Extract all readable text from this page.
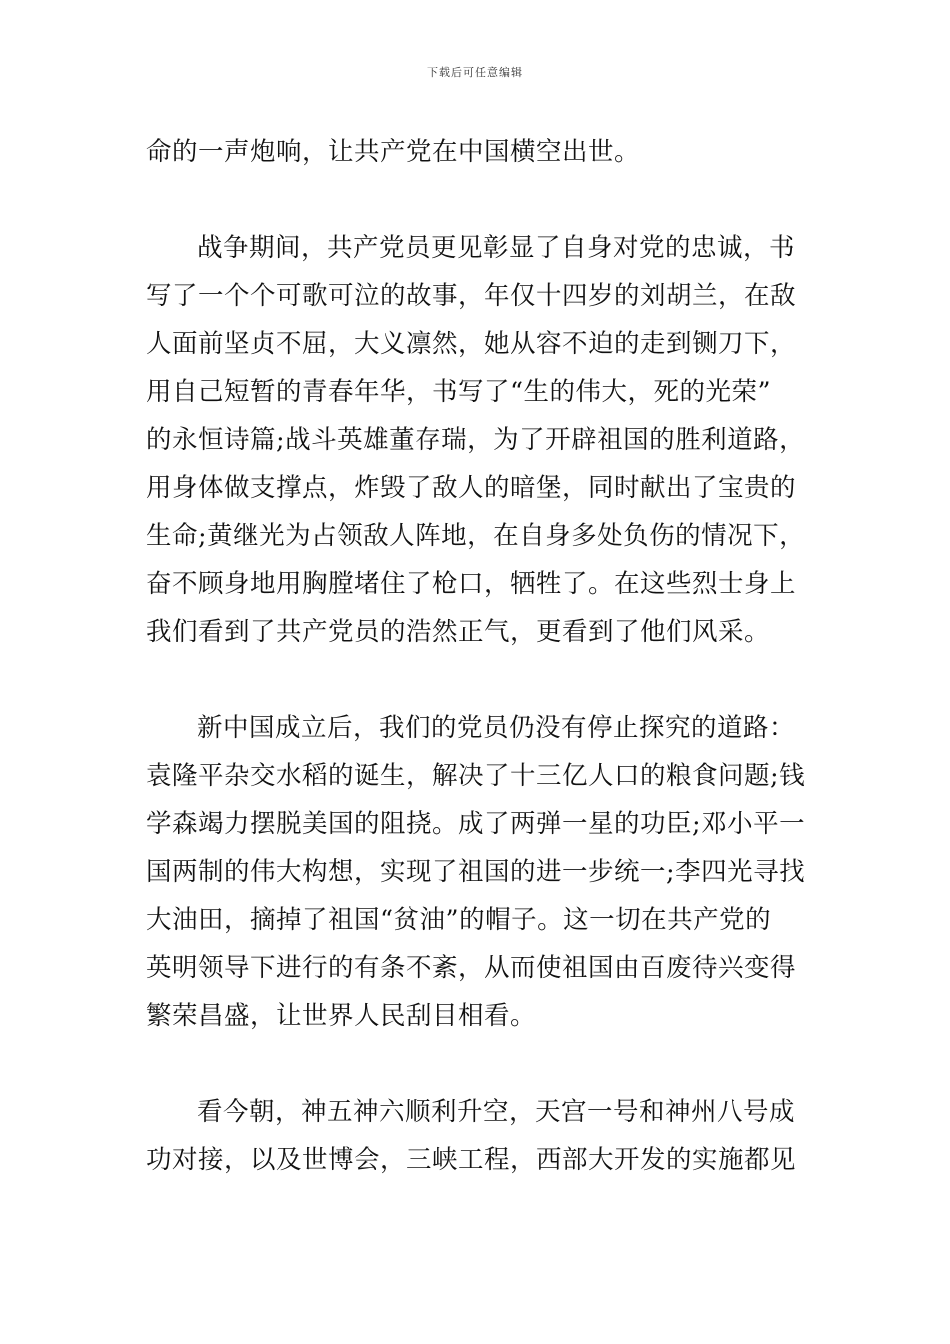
下载后可任意编辑
命的一声炮响，让共产党在中国横空出世。
战争期间，共产党员更见彰显了自身对党的忠诚，书
写了一个个可歌可泣的故事，年仅十四岁的刘胡兰，在敌
人面前坚贞不屈，大义凛然，她从容不迫的走到铡刀下，
用自己短暂的青春年华，书写了“生的伟大，死的光荣”
的永恒诗篇;战斗英雄董存瑞，为了开辟祖国的胜利道路，
用身体做支撑点，炸毁了敌人的暗堡，同时献出了宝贵的
生命;黄继光为占领敌人阵地，在自身多处负伤的情况下，
奋不顾身地用胸膛堵住了枪口，牺牲了。在这些烈士身上
我们看到了共产党员的浩然正气，更看到了他们风采。
新中国成立后，我们的党员仍没有停止探究的道路：
袁隆平杂交水稻的诞生，解决了十三亿人口的粮食问题;钱
学森竭力摆脱美国的阻挠。成了两弹一星的功臣;邓小平一
国两制的伟大构想，实现了祖国的进一步统一;李四光寻找
大油田，摘掉了祖国“贫油”的帽子。这一切在共产党的
英明领导下进行的有条不紊，从而使祖国由百废待兴变得
繁荣昌盛，让世界人民刮目相看。
看今朝，神五神六顺利升空，天宫一号和神州八号成
功对接，以及世博会，三峡工程，西部大开发的实施都见
